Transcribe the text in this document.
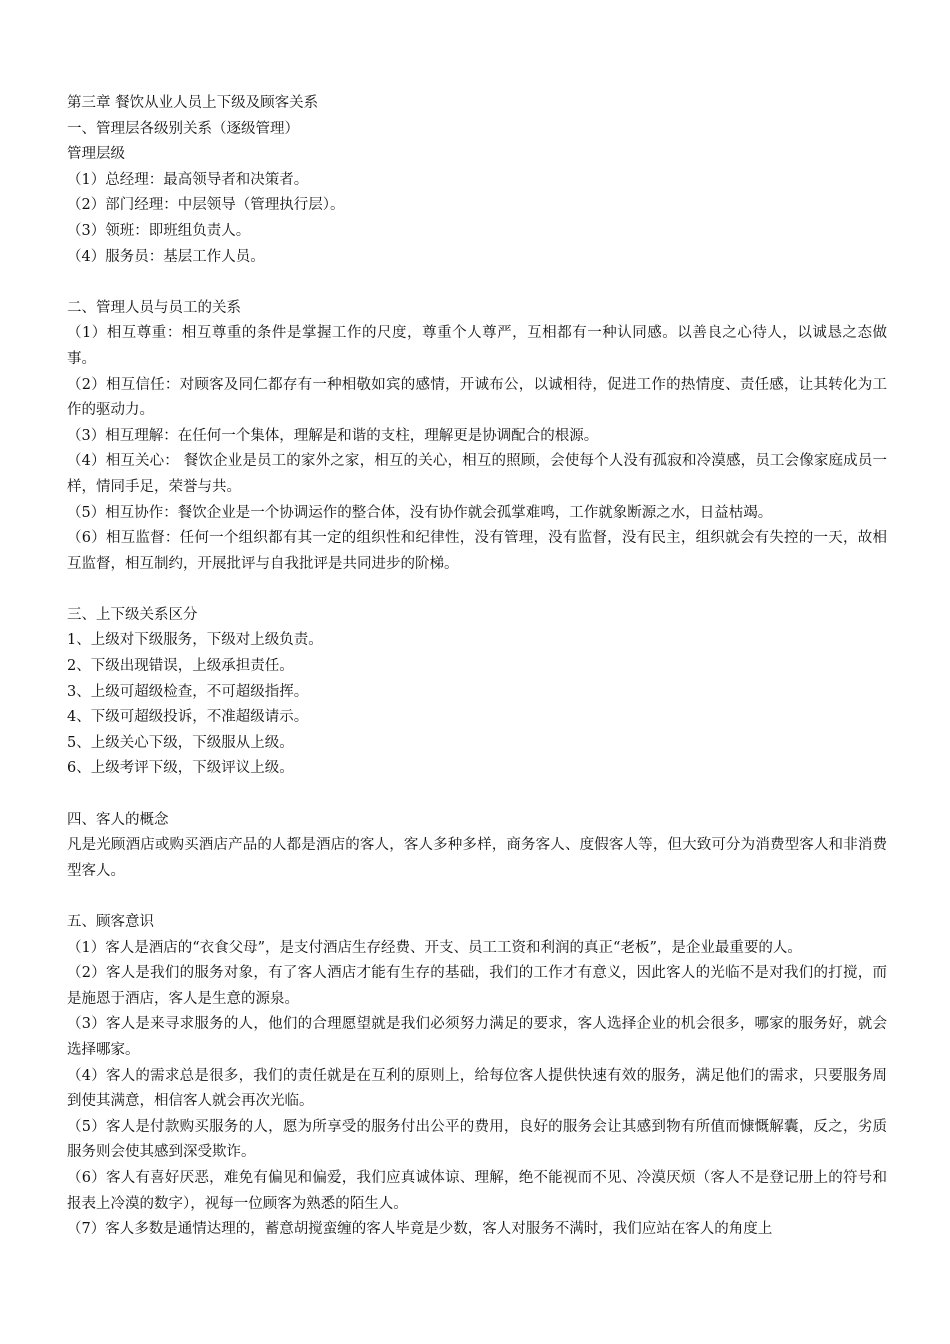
第三章 餐饮从业人员上下级及顾客关系
一、管理层各级别关系（逐级管理）
管理层级
（1）总经理：最高领导者和决策者。
（2）部门经理：中层领导（管理执行层）。
（3）领班：即班组负责人。
（4）服务员：基层工作人员。
二、管理人员与员工的关系
（1）相互尊重：相互尊重的条件是掌握工作的尺度，尊重个人尊严，互相都有一种认同感。以善良之心待人，以诚恳之态做事。
（2）相互信任：对顾客及同仁都存有一种相敬如宾的感情，开诚布公，以诚相待，促进工作的热情度、责任感，让其转化为工作的驱动力。
（3）相互理解：在任何一个集体，理解是和谐的支柱，理解更是协调配合的根源。
（4）相互关心： 餐饮企业是员工的家外之家，相互的关心，相互的照顾，会使每个人没有孤寂和冷漠感，员工会像家庭成员一样，情同手足，荣誉与共。
（5）相互协作：餐饮企业是一个协调运作的整合体，没有协作就会孤掌难鸣，工作就象断源之水，日益枯竭。
（6）相互监督：任何一个组织都有其一定的组织性和纪律性，没有管理，没有监督，没有民主，组织就会有失控的一天，故相互监督，相互制约，开展批评与自我批评是共同进步的阶梯。
三、上下级关系区分
1、上级对下级服务，下级对上级负责。
2、下级出现错误，上级承担责任。
3、上级可超级检查，不可超级指挥。
4、下级可超级投诉，不准超级请示。
5、上级关心下级，下级服从上级。
6、上级考评下级，下级评议上级。
四、客人的概念
凡是光顾酒店或购买酒店产品的人都是酒店的客人，客人多种多样，商务客人、度假客人等，但大致可分为消费型客人和非消费型客人。
五、顾客意识
（1）客人是酒店的“衣食父母”，是支付酒店生存经费、开支、员工工资和利润的真正“老板”，是企业最重要的人。
（2）客人是我们的服务对象，有了客人酒店才能有生存的基础，我们的工作才有意义，因此客人的光临不是对我们的打搅，而是施恩于酒店，客人是生意的源泉。
（3）客人是来寻求服务的人，他们的合理愿望就是我们必须努力满足的要求，客人选择企业的机会很多，哪家的服务好，就会选择哪家。
（4）客人的需求总是很多，我们的责任就是在互利的原则上，给每位客人提供快速有效的服务，满足他们的需求，只要服务周到使其满意，相信客人就会再次光临。
（5）客人是付款购买服务的人，愿为所享受的服务付出公平的费用，良好的服务会让其感到物有所值而慷慨解囊，反之，劣质服务则会使其感到深受欺诈。
（6）客人有喜好厌恶，难免有偏见和偏爱，我们应真诚体谅、理解，绝不能视而不见、冷漠厌烦（客人不是登记册上的符号和报表上冷漠的数字），视每一位顾客为熟悉的陌生人。
（7）客人多数是通情达理的，蓄意胡搅蛮缠的客人毕竟是少数，客人对服务不满时，我们应站在客人的角度上
